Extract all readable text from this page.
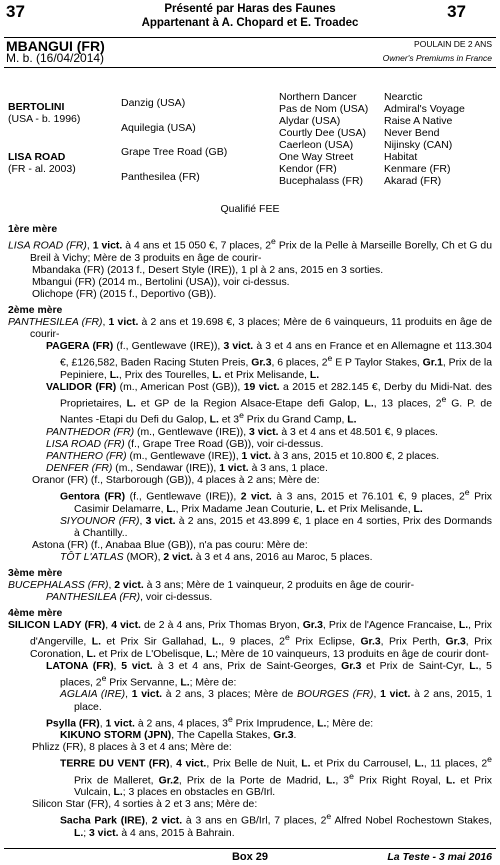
37	Présenté par Haras des Faunes
Appartenant à A. Chopard et E. Troadec
37
MBANGUI (FR)
M. b. (16/04/2014)
POULAIN DE 2 ANS
Owner's Premiums in France
BERTOLINI
(USA - b. 1996)
LISA ROAD
(FR - al. 2003)
Danzig (USA)
Aquilegia (USA)
Grape Tree Road (GB)
Panthesilea (FR)
Northern Dancer
Pas de Nom (USA)
Alydar (USA)
Courtly Dee (USA)
Caerleon (USA)
One Way Street
Kendor (FR)
Bucephalass (FR)
Nearctic
Admiral's Voyage
Raise A Native
Never Bend
Nijinsky (CAN)
Habitat
Kenmare (FR)
Akarad (FR)
Qualifié FEE
1ère mère
LISA ROAD (FR), 1 vict. à 4 ans et 15 050 €, 7 places, 2e Prix de la Pelle à Marseille Borelly, Ch et G du Breil à Vichy; Mère de 3 produits en âge de courir-
Mbandaka (FR) (2013 f., Desert Style (IRE)), 1 pl à 2 ans, 2015 en 3 sorties.
Mbangui (FR) (2014 m., Bertolini (USA)), voir ci-dessus.
Olichope (FR) (2015 f., Deportivo (GB)).
2ème mère
PANTHESILEA (FR), 1 vict. à 2 ans et 19.698 €, 3 places; Mère de 6 vainqueurs, 11 produits en âge de courir-
PAGERA (FR) (f., Gentlewave (IRE)), 3 vict. à 3 et 4 ans en France et en Allemagne et 113.304 €, £126,582, Baden Racing Stuten Preis, Gr.3, 6 places, 2e E P Taylor Stakes, Gr.1, Prix de la Pepiniere, L., Prix des Tourelles, L. et Prix Melisande, L.
VALIDOR (FR) (m., American Post (GB)), 19 vict. a 2015 et 282.145 €, Derby du Midi-Nat. des Proprietaires, L. et GP de la Region Alsace-Etape defi Galop, L., 13 places, 2e G. P. de Nantes -Etapi du Defi du Galop, L. et 3e Prix du Grand Camp, L.
PANTHEDOR (FR) (m., Gentlewave (IRE)), 3 vict. à 3 et 4 ans et 48.501 €, 9 places.
LISA ROAD (FR) (f., Grape Tree Road (GB)), voir ci-dessus.
PANTHERO (FR) (m., Gentlewave (IRE)), 1 vict. à 3 ans, 2015 et 10.800 €, 2 places.
DENFER (FR) (m., Sendawar (IRE)), 1 vict. à 3 ans, 1 place.
Oranor (FR) (f., Starborough (GB)), 4 places à 2 ans; Mère de:
Gentora (FR) (f., Gentlewave (IRE)), 2 vict. à 3 ans, 2015 et 76.101 €, 9 places, 2e Prix Casimir Delamarre, L., Prix Madame Jean Couturie, L. et Prix Melisande, L.
SIYOUNOR (FR), 3 vict. à 2 ans, 2015 et 43.899 €, 1 place en 4 sorties, Prix des Dormands à Chantilly..
Astona (FR) (f., Anabaa Blue (GB)), n'a pas couru: Mère de:
TÔT L'ATLAS (MOR), 2 vict. à 3 et 4 ans, 2016 au Maroc, 5 places.
3ème mère
BUCEPHALASS (FR), 2 vict. à 3 ans; Mère de 1 vainqueur, 2 produits en âge de courir-
PANTHESILEA (FR), voir ci-dessus.
4ème mère
SILICON LADY (FR), 4 vict. de 2 à 4 ans, Prix Thomas Bryon, Gr.3, Prix de l'Agence Francaise, L., Prix d'Angerville, L. et Prix Sir Gallahad, L., 9 places, 2e Prix Eclipse, Gr.3, Prix Perth, Gr.3, Prix Coronation, L. et Prix de L'Obelisque, L.; Mère de 10 vainqueurs, 13 produits en âge de courir dont-
LATONA (FR), 5 vict. à 3 et 4 ans, Prix de Saint-Georges, Gr.3 et Prix de Saint-Cyr, L., 5 places, 2e Prix Servanne, L.; Mère de:
AGLAIA (IRE), 1 vict. à 2 ans, 3 places; Mère de BOURGES (FR), 1 vict. à 2 ans, 2015, 1 place.
Psylla (FR), 1 vict. à 2 ans, 4 places, 3e Prix Imprudence, L.; Mère de:
KIKUNO STORM (JPN), The Capella Stakes, Gr.3.
Phlizz (FR), 8 places à 3 et 4 ans; Mère de:
TERRE DU VENT (FR), 4 vict., Prix Belle de Nuit, L. et Prix du Carrousel, L., 11 places, 2e Prix de Malleret, Gr.2, Prix de la Porte de Madrid, L., 3e Prix Right Royal, L. et Prix Vulcain, L.; 3 places en obstacles en GB/Irl.
Silicon Star (FR), 4 sorties à 2 et 3 ans; Mère de:
Sacha Park (IRE), 2 vict. à 3 ans en GB/Irl, 7 places, 2e Alfred Nobel Rochestown Stakes, L.; 3 vict. à 4 ans, 2015 à Bahrain.
Box 29	La Teste - 3 mai 2016
